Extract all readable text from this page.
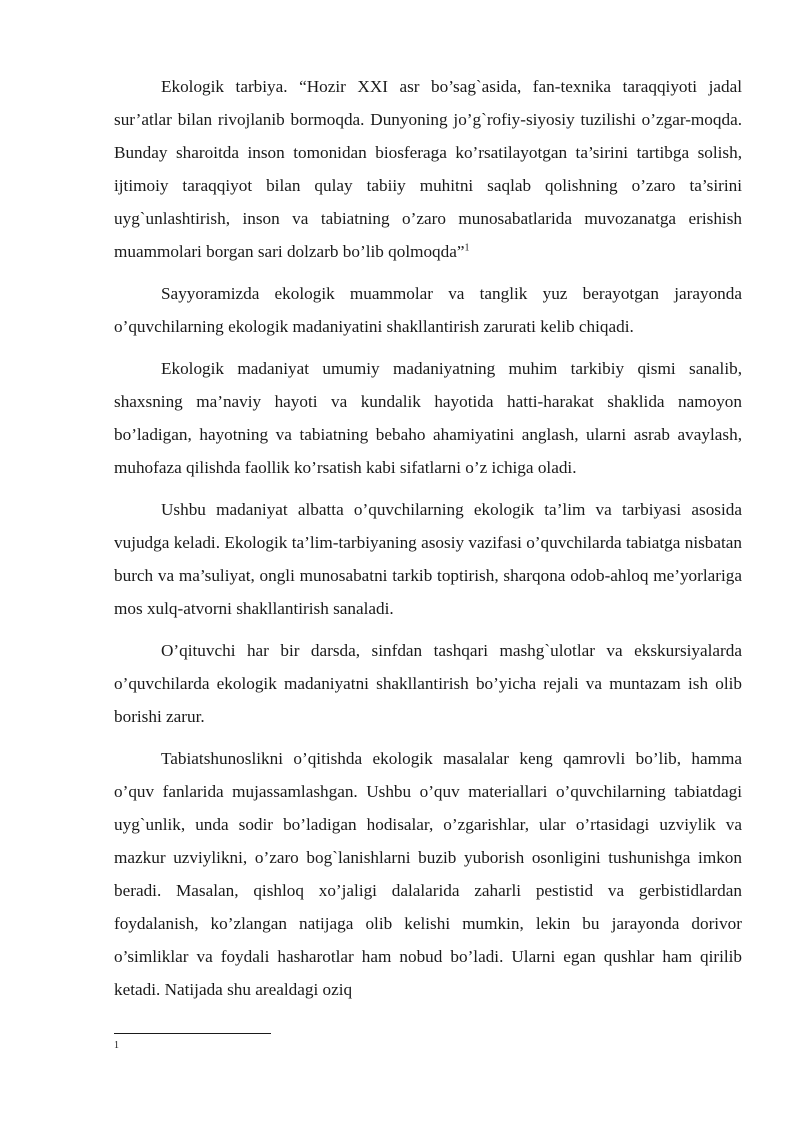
Ekologik tarbiya. “Hozir XXI asr bo’sag`asida, fan-texnika taraqqiyoti jadal sur’atlar bilan rivojlanib bormoqda. Dunyoning jo’g`rofiy-siyosiy tuzilishi o’zgar-moqda. Bunday sharoitda inson tomonidan biosferaga ko’rsatilayotgan ta’sirini tartibga solish, ijtimoiy taraqqiyot bilan qulay tabiiy muhitni saqlab qolishning o’zaro ta’sirini uyg`unlashtirish, inson va tabiatning o’zaro munosabatlarida muvozanatga erishish muammolari borgan sari dolzarb bo’lib qolmoqda”$^1$

Sayyoramizda ekologik muammolar va tanglik yuz berayotgan jarayonda o’quvchilarning ekologik madaniyatini shakllantirish zarurati kelib chiqadi.

Ekologik madaniyat umumiy madaniyatning muhim tarkibiy qismi sanalib, shaxsning ma’naviy hayoti va kundalik hayotida hatti-harakat shaklida namoyon bo’ladigan, hayotning va tabiatning bebaho ahamiyatini anglash, ularni asrab avaylash, muhofaza qilishda faollik ko’rsatish kabi sifatlarni o’z ichiga oladi.

Ushbu madaniyat albatta o’quvchilarning ekologik ta’lim va tarbiyasi asosida vujudga keladi. Ekologik ta’lim-tarbiyaning asosiy vazifasi o’quvchilarda tabiatga nisbatan burch va ma’suliyat, ongli munosabatni tarkib toptirish, sharqona odob-ahloq me’yorlariga mos xulq-atvorni shakllantirish sanaladi.

O’qituvchi har bir darsda, sinfdan tashqari mashg`ulotlar va ekskursiyalarda o’quvchilarda ekologik madaniyatni shakllantirish bo’yicha rejali va muntazam ish olib borishi zarur.

Tabiatshunoslikni o’qitishda ekologik masalalar keng qamrovli bo’lib, hamma o’quv fanlarida mujassamlashgan. Ushbu o’quv materiallari o’quvchilarning tabiatdagi uyg`unlik, unda sodir bo’ladigan hodisalar, o’zgarishlar, ular o’rtasidagi uzviylik va mazkur uzviylikni, o’zaro bog`lanishlarni buzib yuborish osonligini tushunishga imkon beradi. Masalan, qishloq xo’jaligi dalalarida zaharli pestistid va gerbistidlardan foydalanish, ko’zlangan natijaga olib kelishi mumkin, lekin bu jarayonda dorivor o’simliklar va foydali hasharotlar ham nobud bo’ladi. Ularni egan qushlar ham qirilib ketadi. Natijada shu arealdagi oziq

1
